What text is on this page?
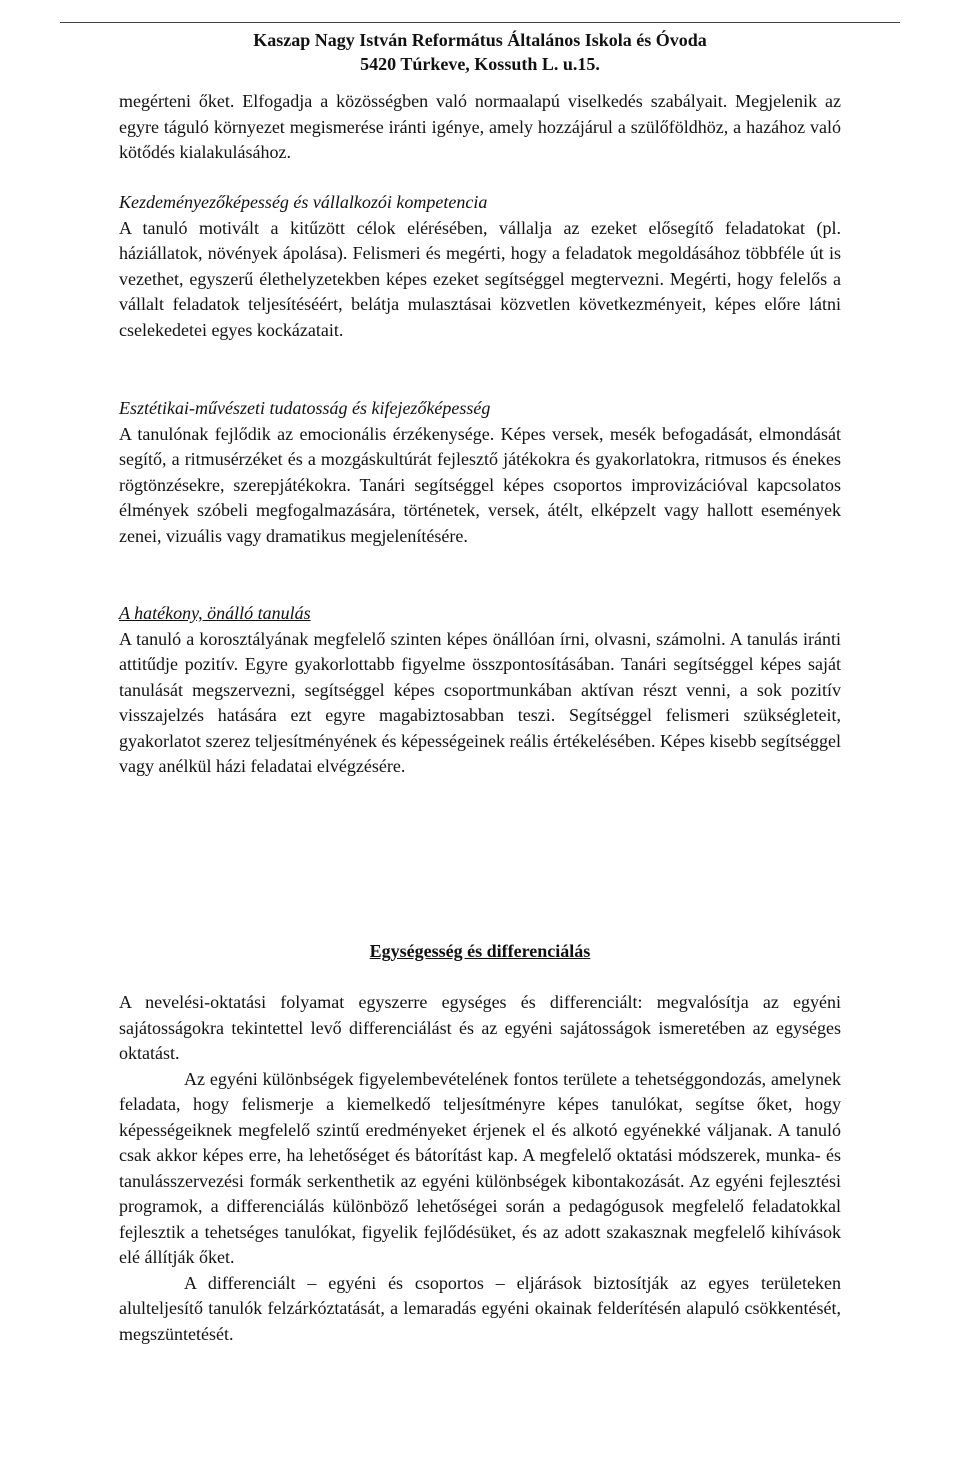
Kaszap Nagy István Református Általános Iskola és Óvoda
5420 Túrkeve, Kossuth L. u.15.

megérteni őket. Elfogadja a közösségben való normaalapú viselkedés szabályait. Megjelenik az egyre táguló környezet megismerése iránti igénye, amely hozzájárul a szülőföldhöz, a hazához való kötődés kialakulásához.

Kezdeményezőképesség és vállalkozói kompetencia

A tanuló motivált a kitűzött célok elérésében, vállalja az ezeket elősegítő feladatokat (pl. háziállatok, növények ápolása). Felismeri és megérti, hogy a feladatok megoldásához többféle út is vezethet, egyszerű élethelyzetekben képes ezeket segítséggel megtervezni. Megérti, hogy felelős a vállalt feladatok teljesítéséért, belátja mulasztásai közvetlen következményeit, képes előre látni cselekedetei egyes kockázatait.

Esztétikai-művészeti tudatosság és kifejezőképesség

A tanulónak fejlődik az emocionális érzékenysége. Képes versek, mesék befogadását, elmondását segítő, a ritmusérzéket és a mozgáskultúrát fejlesztő játékokra és gyakorlatokra, ritmusos és énekes rögtönzésekre, szerepjátékokra. Tanári segítséggel képes csoportos improvizációval kapcsolatos élmények szóbeli megfogalmazására, történetek, versek, átélt, elképzelt vagy hallott események zenei, vizuális vagy dramatikus megjelenítésére.

A hatékony, önálló tanulás

A tanuló a korosztályának megfelelő szinten képes önállóan írni, olvasni, számolni. A tanulás iránti attitűdje pozitív. Egyre gyakorlottabb figyelme összpontosításában. Tanári segítséggel képes saját tanulását megszervezni, segítséggel képes csoportmunkában aktívan részt venni, a sok pozitív visszajelzés hatására ezt egyre magabiztosabban teszi. Segítséggel felismeri szükségleteit, gyakorlatot szerez teljesítményének és képességeinek reális értékelésében. Képes kisebb segítséggel vagy anélkül házi feladatai elvégzésére.

Egységesség és differenciálás

A nevelési-oktatási folyamat egyszerre egységes és differenciált: megvalósítja az egyéni sajátosságokra tekintettel levő differenciálást és az egyéni sajátosságok ismeretében az egységes oktatást.

Az egyéni különbségek figyelembevételének fontos területe a tehetséggondozás, amelynek feladata, hogy felismerje a kiemelkedő teljesítményre képes tanulókat, segítse őket, hogy képességeiknek megfelelő szintű eredményeket érjenek el és alkotó egyénekké váljanak. A tanuló csak akkor képes erre, ha lehetőséget és bátorítást kap. A megfelelő oktatási módszerek, munka- és tanulásszervezési formák serkenthetik az egyéni különbségek kibontakozását. Az egyéni fejlesztési programok, a differenciálás különböző lehetőségei során a pedagógusok megfelelő feladatokkal fejlesztik a tehetséges tanulókat, figyelik fejlődésüket, és az adott szakasznak megfelelő kihívások elé állítják őket.

A differenciált – egyéni és csoportos – eljárások biztosítják az egyes területeken alulteljesítő tanulók felzárkóztatását, a lemaradás egyéni okainak felderítésén alapuló csökkentését, megszüntetését.
